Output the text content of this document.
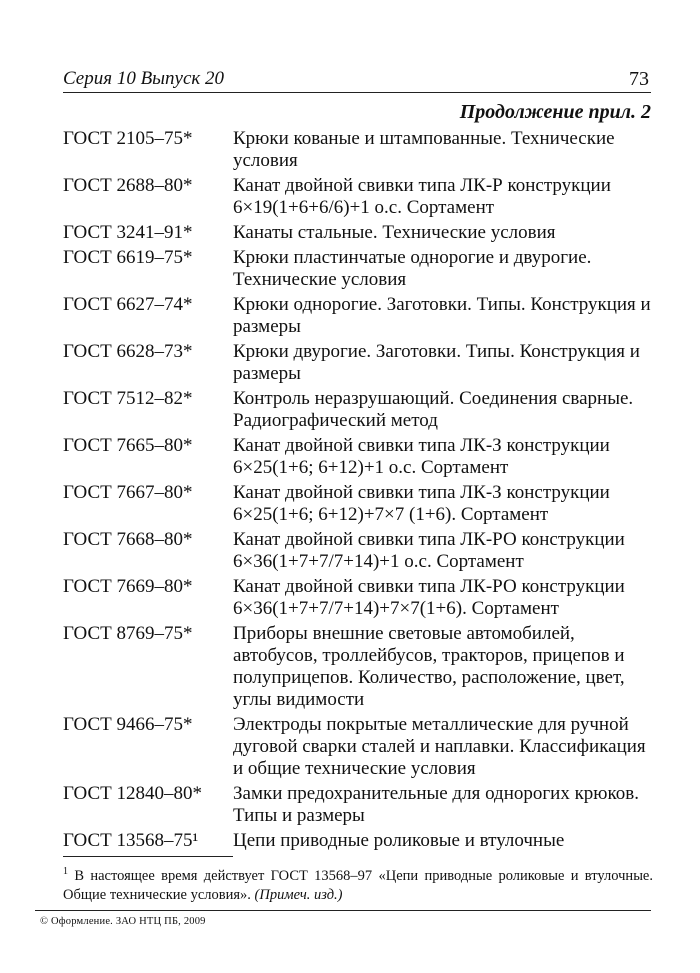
Серия 10 Выпуск 20	73
Продолжение прил. 2
ГОСТ 2105–75*	Крюки кованые и штампованные. Технические условия
ГОСТ 2688–80*	Канат двойной свивки типа ЛК-Р конструкции 6×19(1+6+6/6)+1 о.с. Сортамент
ГОСТ 3241–91*	Канаты стальные. Технические условия
ГОСТ 6619–75*	Крюки пластинчатые однорогие и двурогие. Технические условия
ГОСТ 6627–74*	Крюки однорогие. Заготовки. Типы. Конструкция и размеры
ГОСТ 6628–73*	Крюки двурогие. Заготовки. Типы. Конструкция и размеры
ГОСТ 7512–82*	Контроль неразрушающий. Соединения сварные. Радиографический метод
ГОСТ 7665–80*	Канат двойной свивки типа ЛК-З конструкции 6×25(1+6; 6+12)+1 о.с. Сортамент
ГОСТ 7667–80*	Канат двойной свивки типа ЛК-З конструкции 6×25(1+6; 6+12)+7×7 (1+6). Сортамент
ГОСТ 7668–80*	Канат двойной свивки типа ЛК-РО конструкции 6×36(1+7+7/7+14)+1 о.с. Сортамент
ГОСТ 7669–80*	Канат двойной свивки типа ЛК-РО конструкции 6×36(1+7+7/7+14)+7×7(1+6). Сортамент
ГОСТ 8769–75*	Приборы внешние световые автомобилей, автобусов, троллейбусов, тракторов, прицепов и полуприцепов. Количество, расположение, цвет, углы видимости
ГОСТ 9466–75*	Электроды покрытые металлические для ручной дуговой сварки сталей и наплавки. Классификация и общие технические условия
ГОСТ 12840–80*	Замки предохранительные для однорогих крюков. Типы и размеры
ГОСТ 13568–75¹	Цепи приводные роликовые и втулочные
$^1$ В настоящее время действует ГОСТ 13568–97 «Цепи приводные роликовые и втулочные. Общие технические условия». (Примеч. изд.)
© Оформление. ЗАО НТЦ ПБ, 2009
